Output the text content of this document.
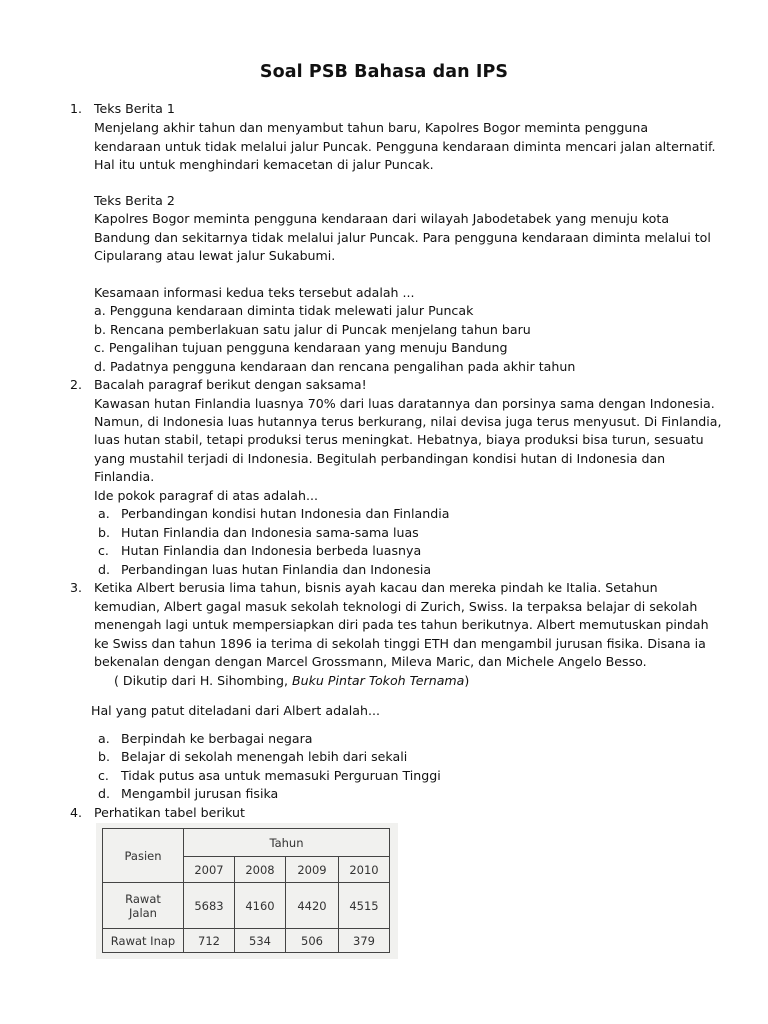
Soal PSB Bahasa dan IPS
1. Teks Berita 1
Menjelang akhir tahun dan menyambut tahun baru, Kapolres Bogor meminta pengguna
kendaraan untuk tidak melalui jalur Puncak. Pengguna kendaraan diminta mencari jalan alternatif.
Hal itu untuk menghindari kemacetan di jalur Puncak.
Teks Berita 2
Kapolres Bogor meminta pengguna kendaraan dari wilayah Jabodetabek yang menuju kota
Bandung dan sekitarnya tidak melalui jalur Puncak. Para pengguna kendaraan diminta melalui tol
Cipularang atau lewat jalur Sukabumi.
Kesamaan informasi kedua teks tersebut adalah ...
a. Pengguna kendaraan diminta tidak melewati jalur Puncak
b. Rencana pemberlakuan satu jalur di Puncak menjelang tahun baru
c. Pengalihan tujuan pengguna kendaraan yang menuju Bandung
d. Padatnya pengguna kendaraan dan rencana pengalihan pada akhir tahun
2. Bacalah paragraf berikut dengan saksama!
Kawasan hutan Finlandia luasnya 70% dari luas daratannya dan porsinya sama dengan Indonesia.
Namun, di Indonesia luas hutannya terus berkurang, nilai devisa juga terus menyusut. Di Finlandia,
luas hutan stabil, tetapi produksi terus meningkat. Hebatnya, biaya produksi bisa turun, sesuatu
yang mustahil terjadi di Indonesia. Begitulah perbandingan kondisi hutan di Indonesia dan
Finlandia.
Ide pokok paragraf di atas adalah...
a. Perbandingan kondisi hutan Indonesia dan Finlandia
b. Hutan Finlandia dan Indonesia sama-sama luas
c. Hutan Finlandia dan Indonesia berbeda luasnya
d. Perbandingan luas hutan Finlandia dan Indonesia
3. Ketika Albert berusia lima tahun, bisnis ayah kacau dan mereka pindah ke Italia. Setahun
kemudian, Albert gagal masuk sekolah teknologi di Zurich, Swiss. Ia terpaksa belajar di sekolah
menengah lagi untuk mempersiapkan diri pada tes tahun berikutnya. Albert memutuskan pindah
ke Swiss dan tahun 1896 ia terima di sekolah tinggi ETH dan mengambil jurusan fisika. Disana ia
bekenalan dengan dengan Marcel Grossmann, Mileva Maric, dan Michele Angelo Besso.
( Dikutip dari H. Sihombing, Buku Pintar Tokoh Ternama)
Hal yang patut diteladani dari Albert adalah...
a. Berpindah ke berbagai negara
b. Belajar di sekolah menengah lebih dari sekali
c. Tidak putus asa untuk memasuki Perguruan Tinggi
d. Mengambil jurusan fisika
4. Perhatikan tabel berikut
Pasien	Tahun			
	2007	2008	2009	2010

Rawat
Jalan	5683	4160	4420	4515
Rawat Inap	712	534	506	379
